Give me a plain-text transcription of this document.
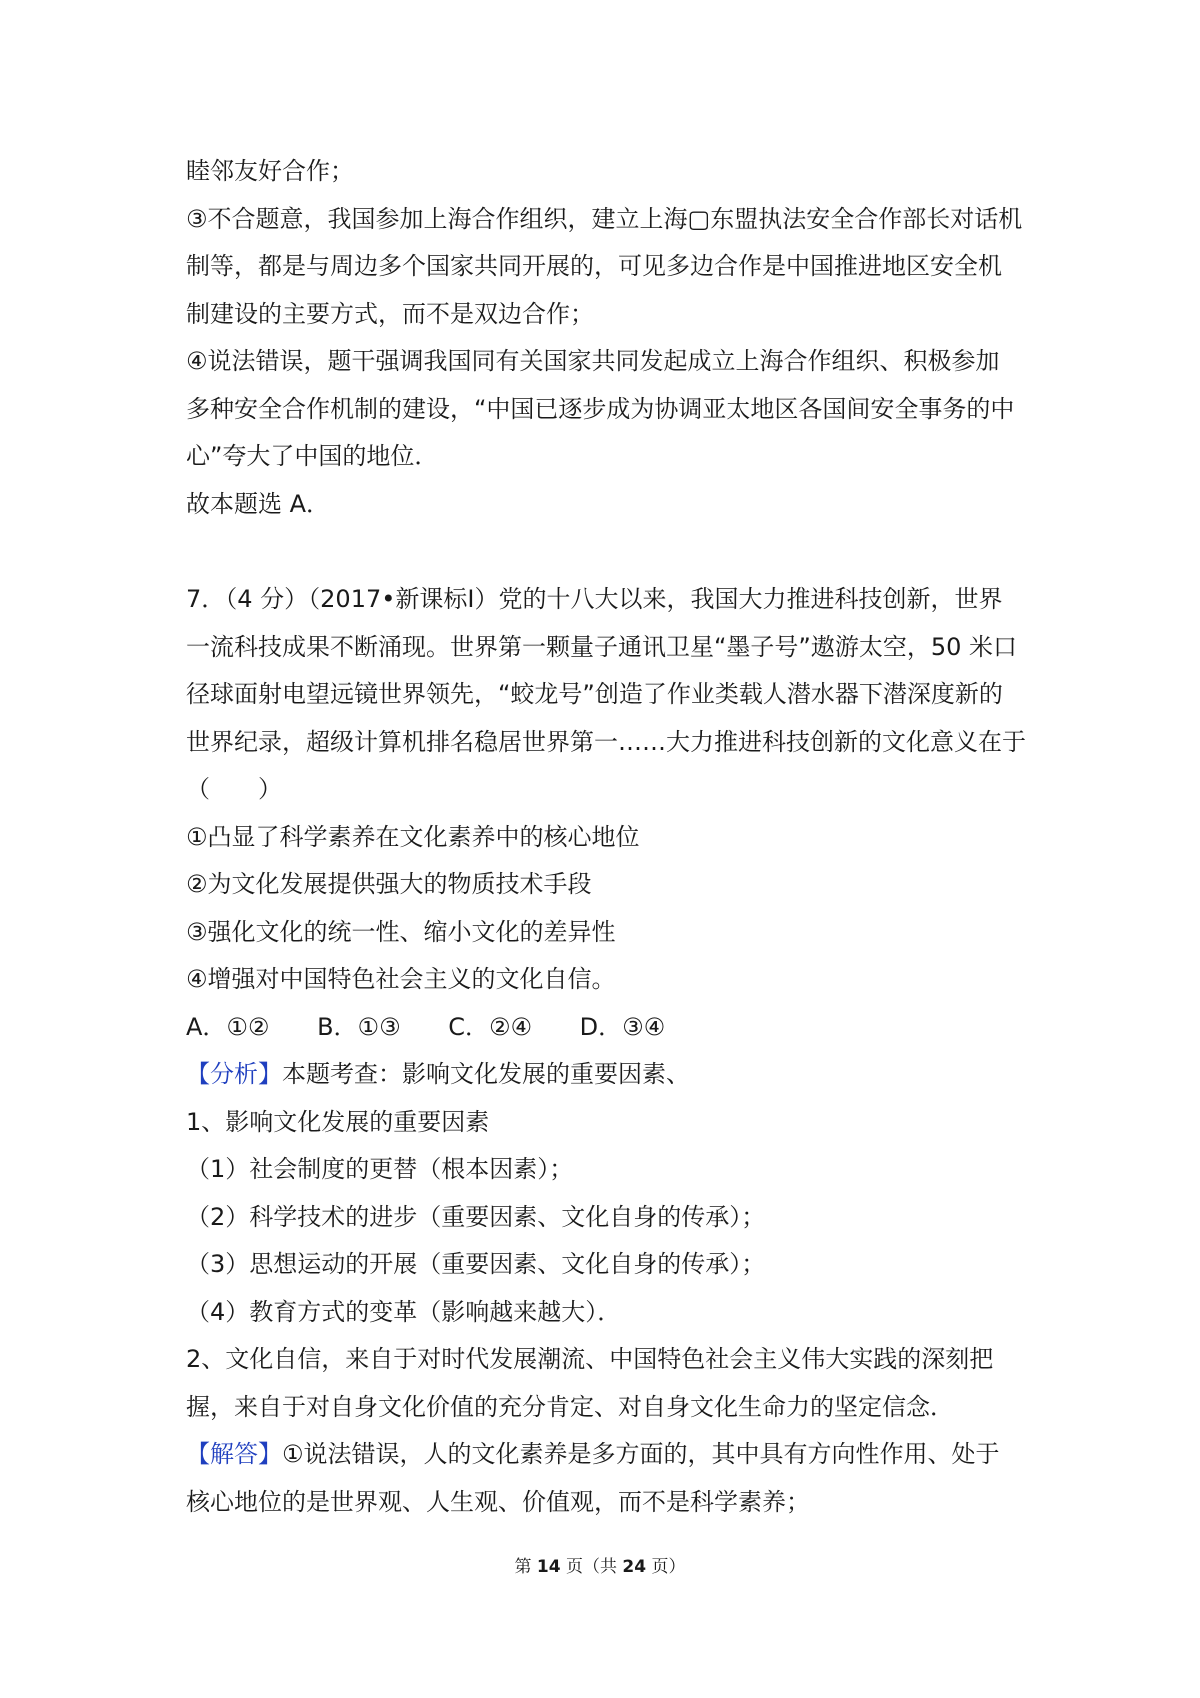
睦邻友好合作；
③不合题意，我国参加上海合作组织，建立上海▢东盟执法安全合作部长对话机
制等，都是与周边多个国家共同开展的，可见多边合作是中国推进地区安全机
制建设的主要方式，而不是双边合作；
④说法错误，题干强调我国同有关国家共同发起成立上海合作组织、积极参加
多种安全合作机制的建设，“中国已逐步成为协调亚太地区各国间安全事务的中
心”夸大了中国的地位．
故本题选 A．
7．（4 分）（2017•新课标Ⅰ）党的十八大以来，我国大力推进科技创新，世界
一流科技成果不断涌现。世界第一颗量子通讯卫星“墨子号”遨游太空，50 米口
径球面射电望远镜世界领先，“蛟龙号”创造了作业类载人潜水器下潜深度新的
世界纪录，超级计算机排名稳居世界第一……大力推进科技创新的文化意义在于
（　　）
①凸显了科学素养在文化素养中的核心地位
②为文化发展提供强大的物质技术手段
③强化文化的统一性、缩小文化的差异性
④增强对中国特色社会主义的文化自信。
A．①② B．①③ C．②④ D．③④
【分析】本题考查：影响文化发展的重要因素、
1、影响文化发展的重要因素
（1）社会制度的更替（根本因素）；
（2）科学技术的进步（重要因素、文化自身的传承）；
（3）思想运动的开展（重要因素、文化自身的传承）；
（4）教育方式的变革（影响越来越大）．
2、文化自信，来自于对时代发展潮流、中国特色社会主义伟大实践的深刻把
握，来自于对自身文化价值的充分肯定、对自身文化生命力的坚定信念．
【解答】①说法错误，人的文化素养是多方面的，其中具有方向性作用、处于
核心地位的是世界观、人生观、价值观，而不是科学素养；
第 14 页（共 24 页）
